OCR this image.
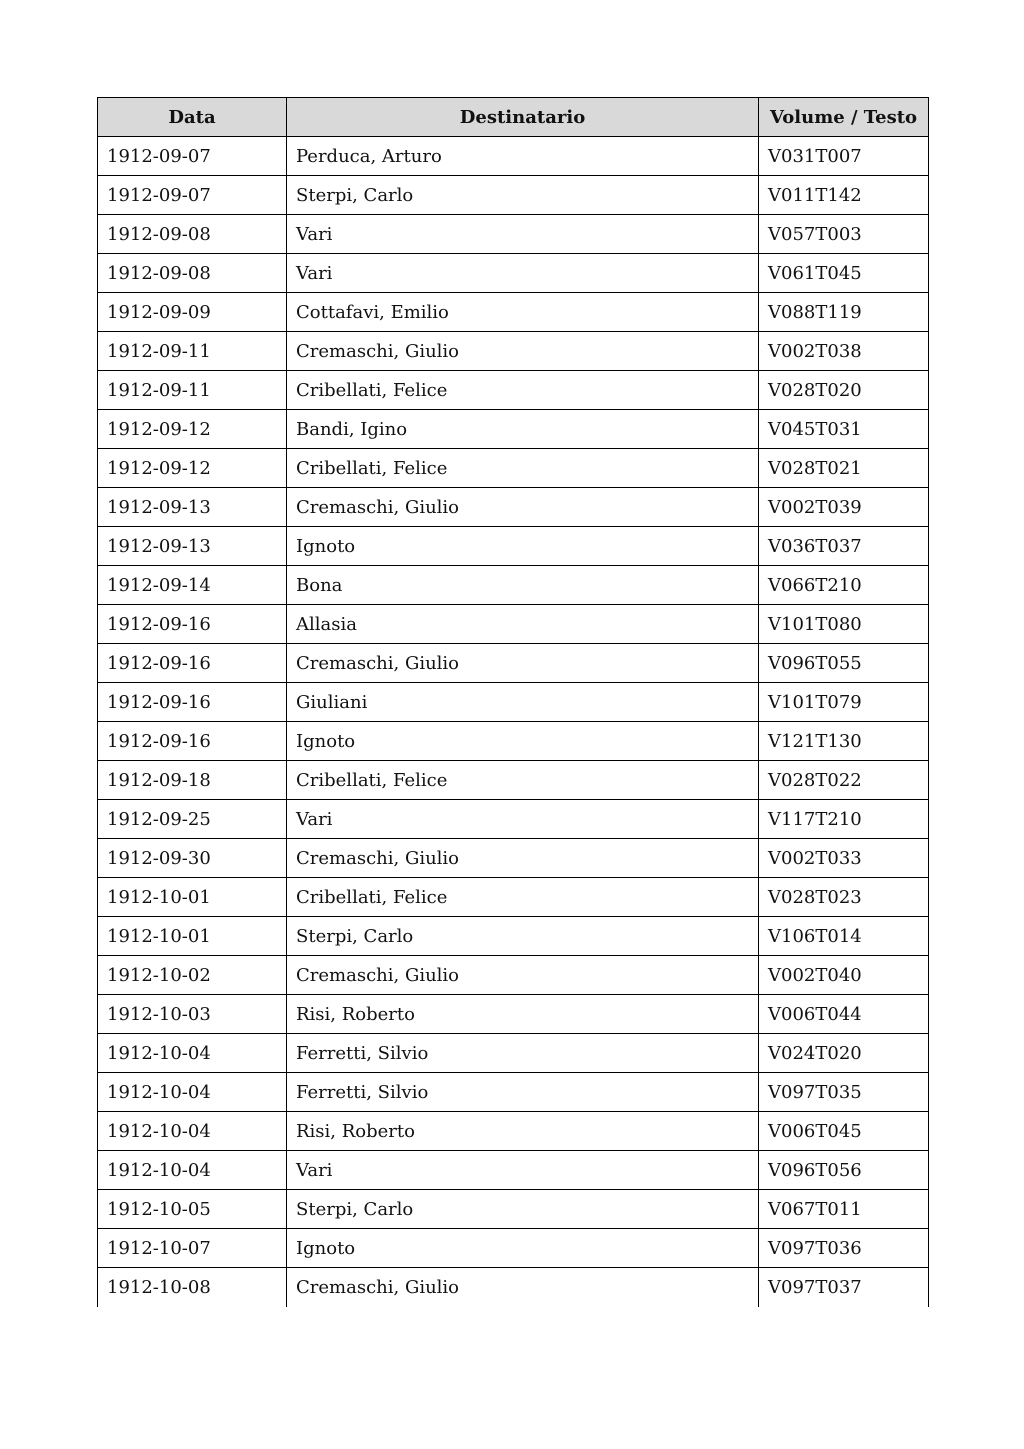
Data	Destinatario	Volume / Testo
1912-09-07	Perduca, Arturo	V031T007
1912-09-07	Sterpi, Carlo	V011T142
1912-09-08	Vari	V057T003
1912-09-08	Vari	V061T045
1912-09-09	Cottafavi, Emilio	V088T119
1912-09-11	Cremaschi, Giulio	V002T038
1912-09-11	Cribellati, Felice	V028T020
1912-09-12	Bandi, Igino	V045T031
1912-09-12	Cribellati, Felice	V028T021
1912-09-13	Cremaschi, Giulio	V002T039
1912-09-13	Ignoto	V036T037
1912-09-14	Bona	V066T210
1912-09-16	Allasia	V101T080
1912-09-16	Cremaschi, Giulio	V096T055
1912-09-16	Giuliani	V101T079
1912-09-16	Ignoto	V121T130
1912-09-18	Cribellati, Felice	V028T022
1912-09-25	Vari	V117T210
1912-09-30	Cremaschi, Giulio	V002T033
1912-10-01	Cribellati, Felice	V028T023
1912-10-01	Sterpi, Carlo	V106T014
1912-10-02	Cremaschi, Giulio	V002T040
1912-10-03	Risi, Roberto	V006T044
1912-10-04	Ferretti, Silvio	V024T020
1912-10-04	Ferretti, Silvio	V097T035
1912-10-04	Risi, Roberto	V006T045
1912-10-04	Vari	V096T056
1912-10-05	Sterpi, Carlo	V067T011
1912-10-07	Ignoto	V097T036
1912-10-08	Cremaschi, Giulio	V097T037
